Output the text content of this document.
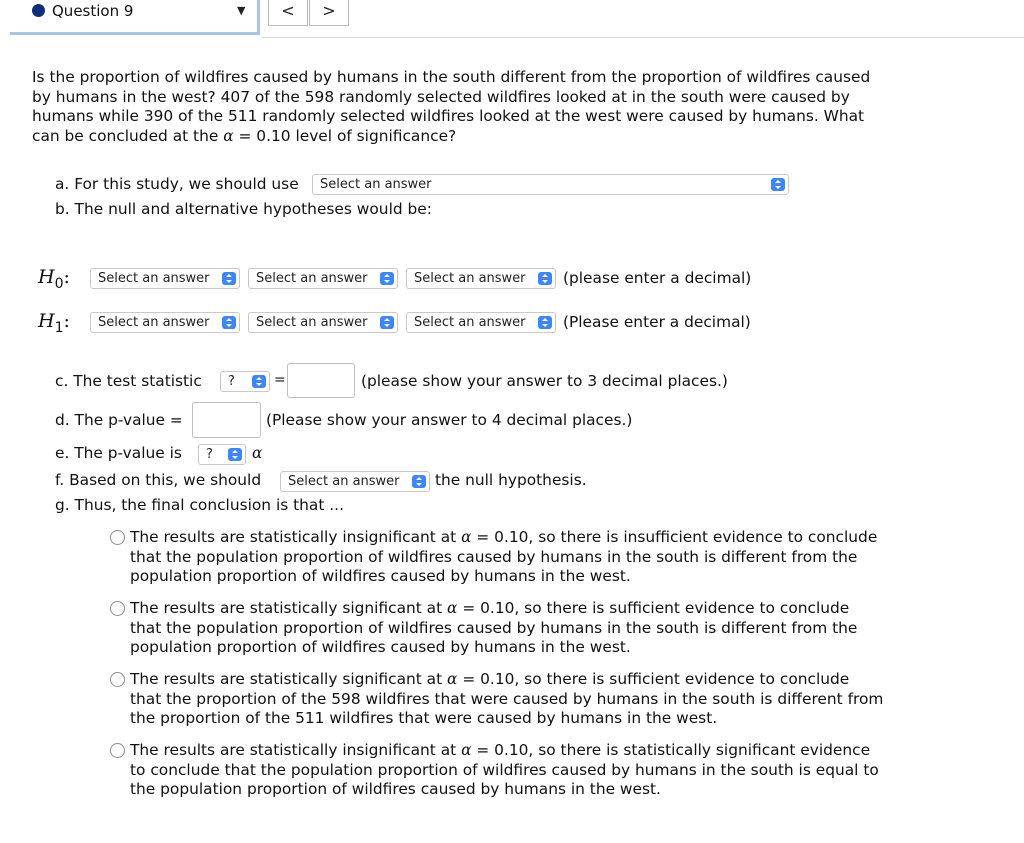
Question 9	▼	<	>
Is the proportion of wildfires caused by humans in the south different from the proportion of wildfires caused
by humans in the west? 407 of the 598 randomly selected wildfires looked at in the south were caused by
humans while 390 of the 511 randomly selected wildfires looked at the west were caused by humans. What
can be concluded at the α = 0.10 level of significance?
a. For this study, we should use	Select an answer
b. The null and alternative hypotheses would be:
$H_0$:	Select an answer	Select an answer	Select an answer	(please enter a decimal)
$H_1$:	Select an answer	Select an answer	Select an answer	(Please enter a decimal)
c. The test statistic	?	=	(please show your answer to 3 decimal places.)
d. The p-value =	(Please show your answer to 4 decimal places.)
e. The p-value is	?	α
f. Based on this, we should	Select an answer	the null hypothesis.
g. Thus, the final conclusion is that ...
The results are statistically insignificant at α = 0.10, so there is insufficient evidence to conclude
that the population proportion of wildfires caused by humans in the south is different from the
population proportion of wildfires caused by humans in the west.
The results are statistically significant at α = 0.10, so there is sufficient evidence to conclude
that the population proportion of wildfires caused by humans in the south is different from the
population proportion of wildfires caused by humans in the west.
The results are statistically significant at α = 0.10, so there is sufficient evidence to conclude
that the proportion of the 598 wildfires that were caused by humans in the south is different from
the proportion of the 511 wildfires that were caused by humans in the west.
The results are statistically insignificant at α = 0.10, so there is statistically significant evidence
to conclude that the population proportion of wildfires caused by humans in the south is equal to
the population proportion of wildfires caused by humans in the west.
